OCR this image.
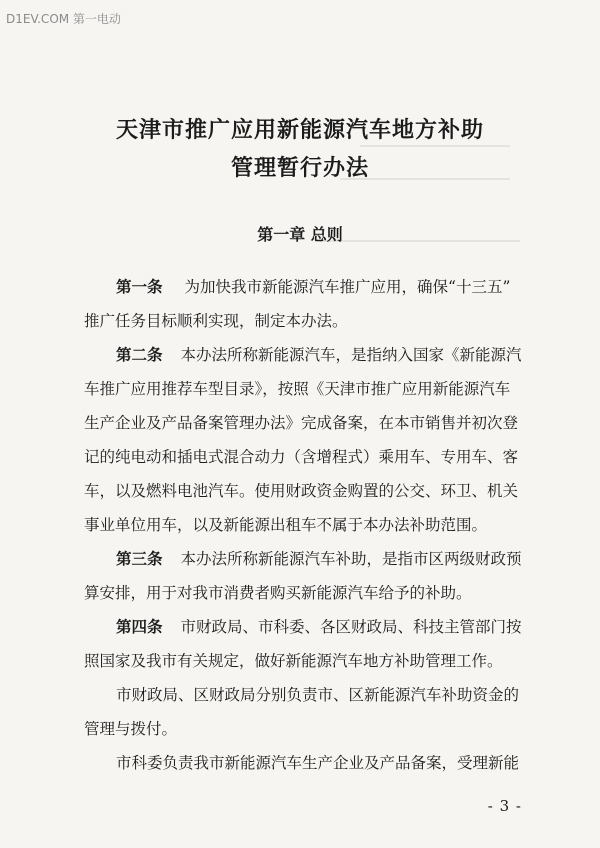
D1EV.COM 第一电动
天津市推广应用新能源汽车地方补助
管理暂行办法
第一章 总则
第一条 为加快我市新能源汽车推广应用，确保“十三五”
推广任务目标顺利实现，制定本办法。
第二条 本办法所称新能源汽车，是指纳入国家《新能源汽
车推广应用推荐车型目录》，按照《天津市推广应用新能源汽车
生产企业及产品备案管理办法》完成备案，在本市销售并初次登
记的纯电动和插电式混合动力（含增程式）乘用车、专用车、客
车，以及燃料电池汽车。使用财政资金购置的公交、环卫、机关
事业单位用车，以及新能源出租车不属于本办法补助范围。
第三条 本办法所称新能源汽车补助，是指市区两级财政预
算安排，用于对我市消费者购买新能源汽车给予的补助。
第四条 市财政局、市科委、各区财政局、科技主管部门按
照国家及我市有关规定，做好新能源汽车地方补助管理工作。
市财政局、区财政局分别负责市、区新能源汽车补助资金的
管理与拨付。
市科委负责我市新能源汽车生产企业及产品备案，受理新能
- 3 -
